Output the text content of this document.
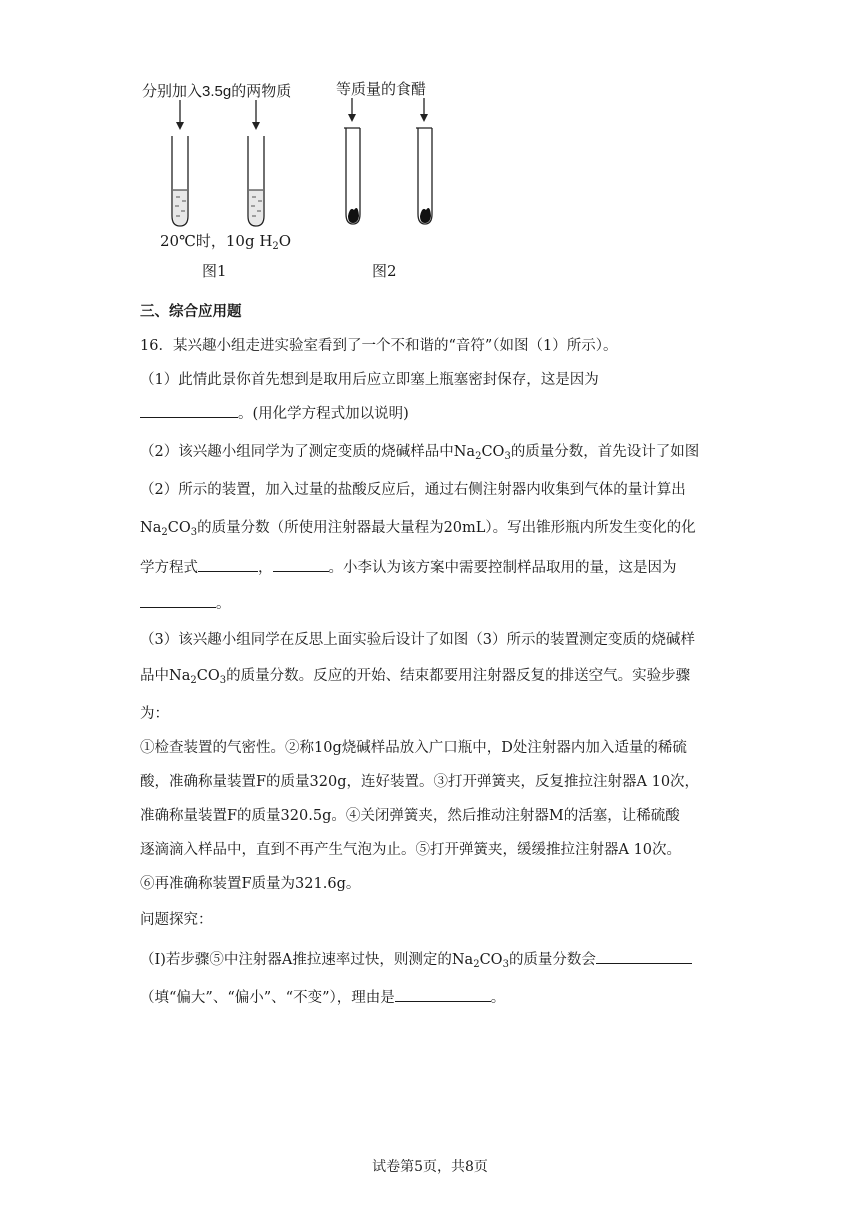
分别加入3.5g的两物质	等质量的食醋
20℃时，10g $H_2O$
图1	图2
三、综合应用题
16．某兴趣小组走进实验室看到了一个不和谐的“音符”（如图（1）所示）。
（1）此情此景你首先想到是取用后应立即塞上瓶塞密封保存，这是因为
。(用化学方程式加以说明)
（2）该兴趣小组同学为了测定变质的烧碱样品中$Na_2CO_3$的质量分数，首先设计了如图
（2）所示的装置，加入过量的盐酸反应后，通过右侧注射器内收集到气体的量计算出
$Na_2CO_3$的质量分数（所使用注射器最大量程为20mL）。写出锥形瓶内所发生变化的化
学方程式	，	。小李认为该方案中需要控制样品取用的量，这是因为
。
（3）该兴趣小组同学在反思上面实验后设计了如图（3）所示的装置测定变质的烧碱样
品中$Na_2CO_3$的质量分数。反应的开始、结束都要用注射器反复的排送空气。实验步骤
为：
①检查装置的气密性。②称10g烧碱样品放入广口瓶中，D处注射器内加入适量的稀硫
酸，准确称量装置F的质量320g，连好装置。③打开弹簧夹，反复推拉注射器A 10次，
准确称量装置F的质量320.5g。④关闭弹簧夹，然后推动注射器M的活塞，让稀硫酸
逐滴滴入样品中，直到不再产生气泡为止。⑤打开弹簧夹，缓缓推拉注射器A 10次。
⑥再准确称装置F质量为321.6g。
问题探究：
（Ⅰ)若步骤⑤中注射器A推拉速率过快，则测定的$Na_2CO_3$的质量分数会
（填“偏大”、“偏小”、“不变”），理由是	。
试卷第5页，共8页
